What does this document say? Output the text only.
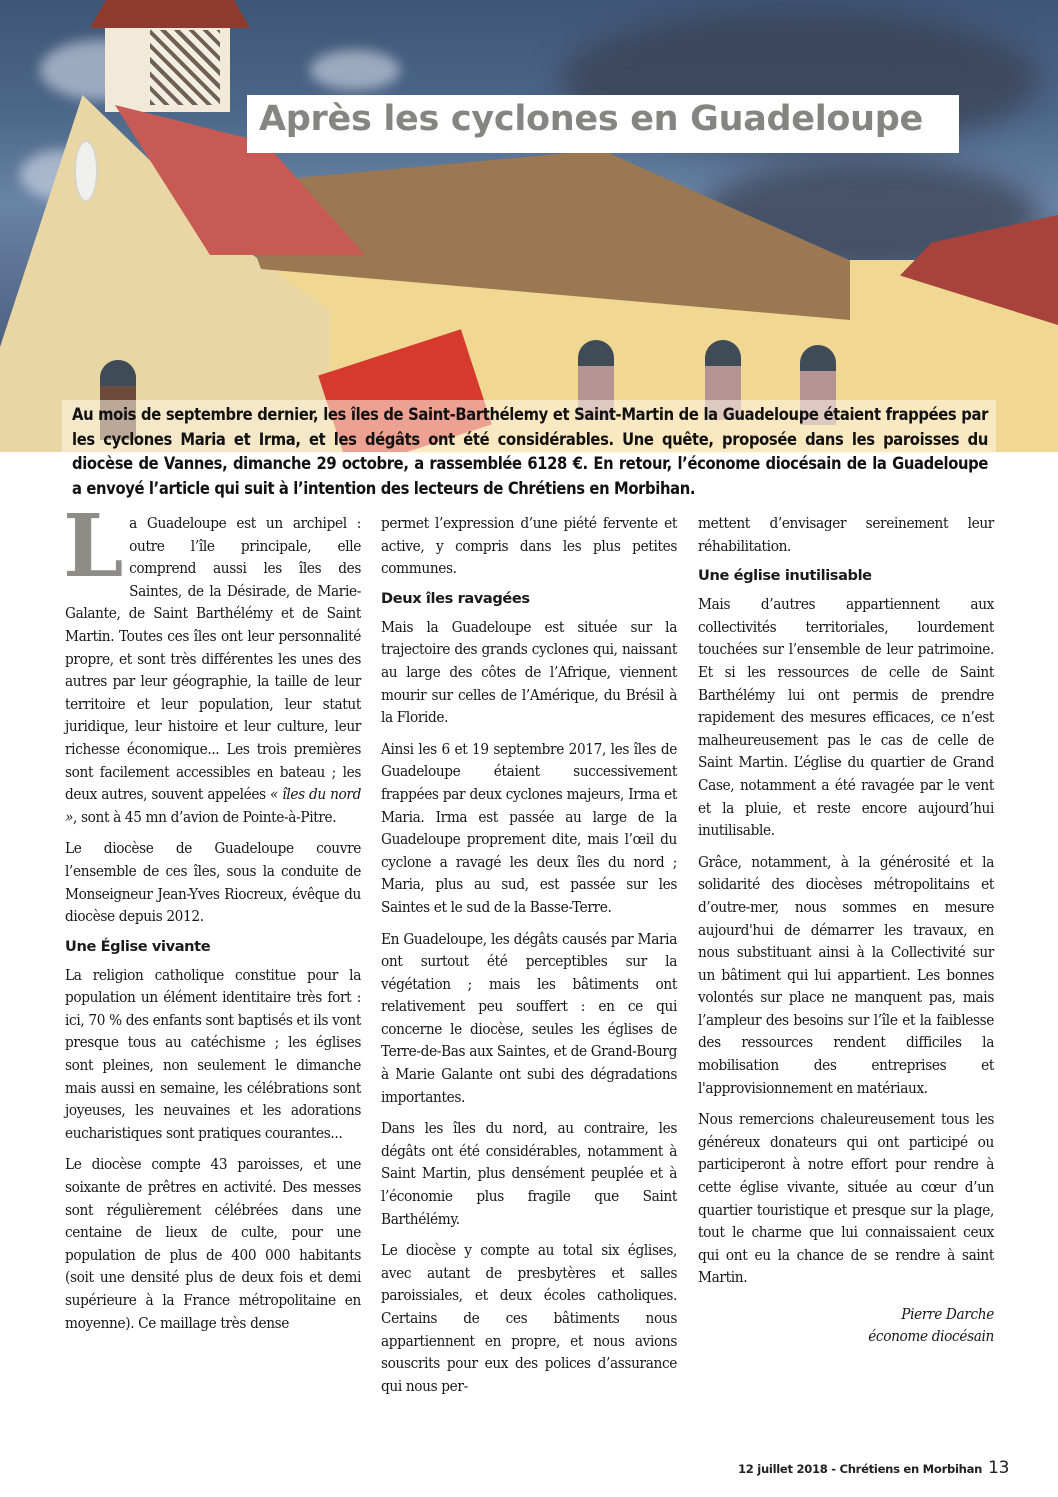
Après les cyclones en Guadeloupe
Au mois de septembre dernier, les îles de Saint-Barthélemy et Saint-Martin de la Guadeloupe étaient frappées par les cyclones Maria et Irma, et les dégâts ont été considérables. Une quête, proposée dans les paroisses du diocèse de Vannes, dimanche 29 octobre, a rassemblée 6128 €. En retour, l’économe diocésain de la Guadeloupe a envoyé l’article qui suit à l’intention des lecteurs de Chrétiens en Morbihan.

La Guadeloupe est un archipel : outre l’île principale, elle comprend aussi les îles des Saintes, de la Désirade, de Marie-Galante, de Saint Barthélémy et de Saint Martin. Toutes ces îles ont leur personnalité propre, et sont très différentes les unes des autres par leur géographie, la taille de leur territoire et leur population, leur statut juridique, leur histoire et leur culture, leur richesse économique... Les trois premières sont facilement accessibles en bateau ; les deux autres, souvent appelées « îles du nord », sont à 45 mn d’avion de Pointe-à-Pitre.

Le diocèse de Guadeloupe couvre l’ensemble de ces îles, sous la conduite de Monseigneur Jean-Yves Riocreux, évêque du diocèse depuis 2012.

Une Église vivante

La religion catholique constitue pour la population un élément identitaire très fort : ici, 70 % des enfants sont baptisés et ils vont presque tous au catéchisme ; les églises sont pleines, non seulement le dimanche mais aussi en semaine, les célébrations sont joyeuses, les neuvaines et les adorations eucharistiques sont pratiques courantes...

Le diocèse compte 43 paroisses, et une soixante de prêtres en activité. Des messes sont régulièrement célébrées dans une centaine de lieux de culte, pour une population de plus de 400 000 habitants (soit une densité plus de deux fois et demi supérieure à la France métropolitaine en moyenne). Ce maillage très dense

permet l’expression d’une piété fervente et active, y compris dans les plus petites communes.

Deux îles ravagées

Mais la Guadeloupe est située sur la trajectoire des grands cyclones qui, naissant au large des côtes de l’Afrique, viennent mourir sur celles de l’Amérique, du Brésil à la Floride.

Ainsi les 6 et 19 septembre 2017, les îles de Guadeloupe étaient successivement frappées par deux cyclones majeurs, Irma et Maria. Irma est passée au large de la Guadeloupe proprement dite, mais l’œil du cyclone a ravagé les deux îles du nord ; Maria, plus au sud, est passée sur les Saintes et le sud de la Basse-Terre.

En Guadeloupe, les dégâts causés par Maria ont surtout été perceptibles sur la végétation ; mais les bâtiments ont relativement peu souffert : en ce qui concerne le diocèse, seules les églises de Terre-de-Bas aux Saintes, et de Grand-Bourg à Marie Galante ont subi des dégradations importantes.

Dans les îles du nord, au contraire, les dégâts ont été considérables, notamment à Saint Martin, plus densément peuplée et à l’économie plus fragile que Saint Barthélémy.

Le diocèse y compte au total six églises, avec autant de presbytères et salles paroissiales, et deux écoles catholiques. Certains de ces bâtiments nous appartiennent en propre, et nous avions souscrits pour eux des polices d’assurance qui nous per-

mettent d’envisager sereinement leur réhabilitation.

Une église inutilisable

Mais d’autres appartiennent aux collectivités territoriales, lourdement touchées sur l’ensemble de leur patrimoine. Et si les ressources de celle de Saint Barthélémy lui ont permis de prendre rapidement des mesures efficaces, ce n’est malheureusement pas le cas de celle de Saint Martin. L’église du quartier de Grand Case, notamment a été ravagée par le vent et la pluie, et reste encore aujourd’hui inutilisable.

Grâce, notamment, à la générosité et la solidarité des diocèses métropolitains et d’outre-mer, nous sommes en mesure aujourd'hui de démarrer les travaux, en nous substituant ainsi à la Collectivité sur un bâtiment qui lui appartient. Les bonnes volontés sur place ne manquent pas, mais l’ampleur des besoins sur l’île et la faiblesse des ressources rendent difficiles la mobilisation des entreprises et l'approvisionnement en matériaux.

Nous remercions chaleureusement tous les généreux donateurs qui ont participé ou participeront à notre effort pour rendre à cette église vivante, située au cœur d’un quartier touristique et presque sur la plage, tout le charme que lui connaissaient ceux qui ont eu la chance de se rendre à saint Martin.

Pierre Darche
économe diocésain
12 juillet 2018 - Chrétiens en Morbihan 13
